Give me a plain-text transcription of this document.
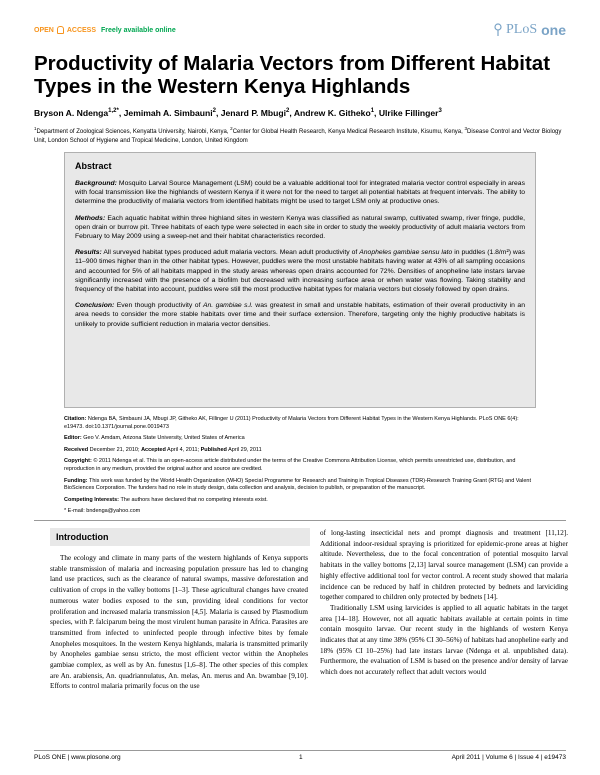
OPEN ACCESS Freely available online	PLoS one
Productivity of Malaria Vectors from Different Habitat Types in the Western Kenya Highlands
Bryson A. Ndenga$^{1,2*}$, Jemimah A. Simbauni$^2$, Jenard P. Mbugi$^2$, Andrew K. Githeko$^1$, Ulrike Fillinger$^3$
$^1$Department of Zoological Sciences, Kenyatta University, Nairobi, Kenya, $^2$Center for Global Health Research, Kenya Medical Research Institute, Kisumu, Kenya, $^3$Disease Control and Vector Biology Unit, London School of Hygiene and Tropical Medicine, London, United Kingdom
Abstract

Background: Mosquito Larval Source Management (LSM) could be a valuable additional tool for integrated malaria vector control especially in areas with focal transmission like the highlands of western Kenya if it were not for the need to target all potential habitats at frequent intervals. The ability to determine the productivity of malaria vectors from identified habitats might be used to target LSM only at productive ones.

Methods: Each aquatic habitat within three highland sites in western Kenya was classified as natural swamp, cultivated swamp, river fringe, puddle, open drain or burrow pit. Three habitats of each type were selected in each site in order to study the weekly productivity of adult malaria vectors from February to May 2009 using a sweep-net and their habitat characteristics recorded.

Results: All surveyed habitat types produced adult malaria vectors. Mean adult productivity of Anopheles gambiae sensu lato in puddles (1.8/m²) was 11–900 times higher than in the other habitat types. However, puddles were the most unstable habitats having water at 43% of all sampling occasions and accounted for 5% of all habitats mapped in the study areas whereas open drains accounted for 72%. Densities of anopheline late instars larvae significantly increased with the presence of a biofilm but decreased with increasing surface area or when water was flowing. Taking stability and frequency of the habitat into account, puddles were still the most productive habitat types for malaria vectors but closely followed by open drains.

Conclusion: Even though productivity of An. gambiae s.l. was greatest in small and unstable habitats, estimation of their overall productivity in an area needs to consider the more stable habitats over time and their surface extension. Therefore, targeting only the highly productive habitats is unlikely to provide sufficient reduction in malaria vector densities.

Citation: Ndenga BA, Simbauni JA, Mbugi JP, Githeko AK, Fillinger U (2011) Productivity of Malaria Vectors from Different Habitat Types in the Western Kenya Highlands. PLoS ONE 6(4): e19473. doi:10.1371/journal.pone.0019473

Editor: Geo V. Amdam, Arizona State University, United States of America

Received December 21, 2010; Accepted April 4, 2011; Published April 29, 2011

Copyright: © 2011 Ndenga et al. This is an open-access article distributed under the terms of the Creative Commons Attribution License, which permits unrestricted use, distribution, and reproduction in any medium, provided the original author and source are credited.

Funding: This work was funded by the World Health Organization (WHO) Special Programme for Research and Training in Tropical Diseases (TDR)-Research Training Grant (RTG) and Valent BioSciences Corporation. The funders had no role in study design, data collection and analysis, decision to publish, or preparation of the manuscript.

Competing Interests: The authors have declared that no competing interests exist.

* E-mail: bndenga@yahoo.com

Introduction

The ecology and climate in many parts of the western highlands of Kenya supports stable transmission of malaria and increasing population pressure has led to changing land use practices, such as the clearance of natural swamps, massive deforestation and cultivation of crops in the valley bottoms [1–3]. These agricultural changes have created numerous water bodies exposed to the sun, providing ideal conditions for vector proliferation and increased malaria transmission [4,5]. Malaria is caused by Plasmodium species, with P. falciparum being the most virulent human parasite in Africa. Parasites are transmitted from infected to uninfected people through infective bites by female Anopheles mosquitoes. In the western Kenya highlands, malaria is transmitted primarily by Anopheles gambiae sensu stricto, the most efficient vector within the Anopheles gambiae complex, as well as by An. funestus [1,6–8]. The other species of this complex are An. arabiensis, An. quadriannulatus, An. melas, An. merus and An. bwambae [9,10]. Efforts to control malaria primarily focus on the use

of long-lasting insecticidal nets and prompt diagnosis and treatment [11,12]. Additional indoor-residual spraying is prioritized for epidemic-prone areas at higher altitude. Nevertheless, due to the focal concentration of potential mosquito larval habitats in the valley bottoms [2,13] larval source management (LSM) can provide a highly effective additional tool for vector control. A recent study showed that malaria incidence can be reduced by half in children protected by bednets and larviciding together compared to children only protected by bednets [14].

Traditionally LSM using larvicides is applied to all aquatic habitats in the target area [14–18]. However, not all aquatic habitats available at certain points in time contain mosquito larvae. Our recent study in the highlands of western Kenya indicates that at any time 38% (95% CI 30–56%) of habitats had anopheline early and 18% (95% CI 10–25%) had late instars larvae (Ndenga et al. unpublished data). Furthermore, the evaluation of LSM is based on the presence and/or density of larvae which does not accurately reflect that adult vectors would

PLoS ONE | www.plosone.org	1	April 2011 | Volume 6 | Issue 4 | e19473
